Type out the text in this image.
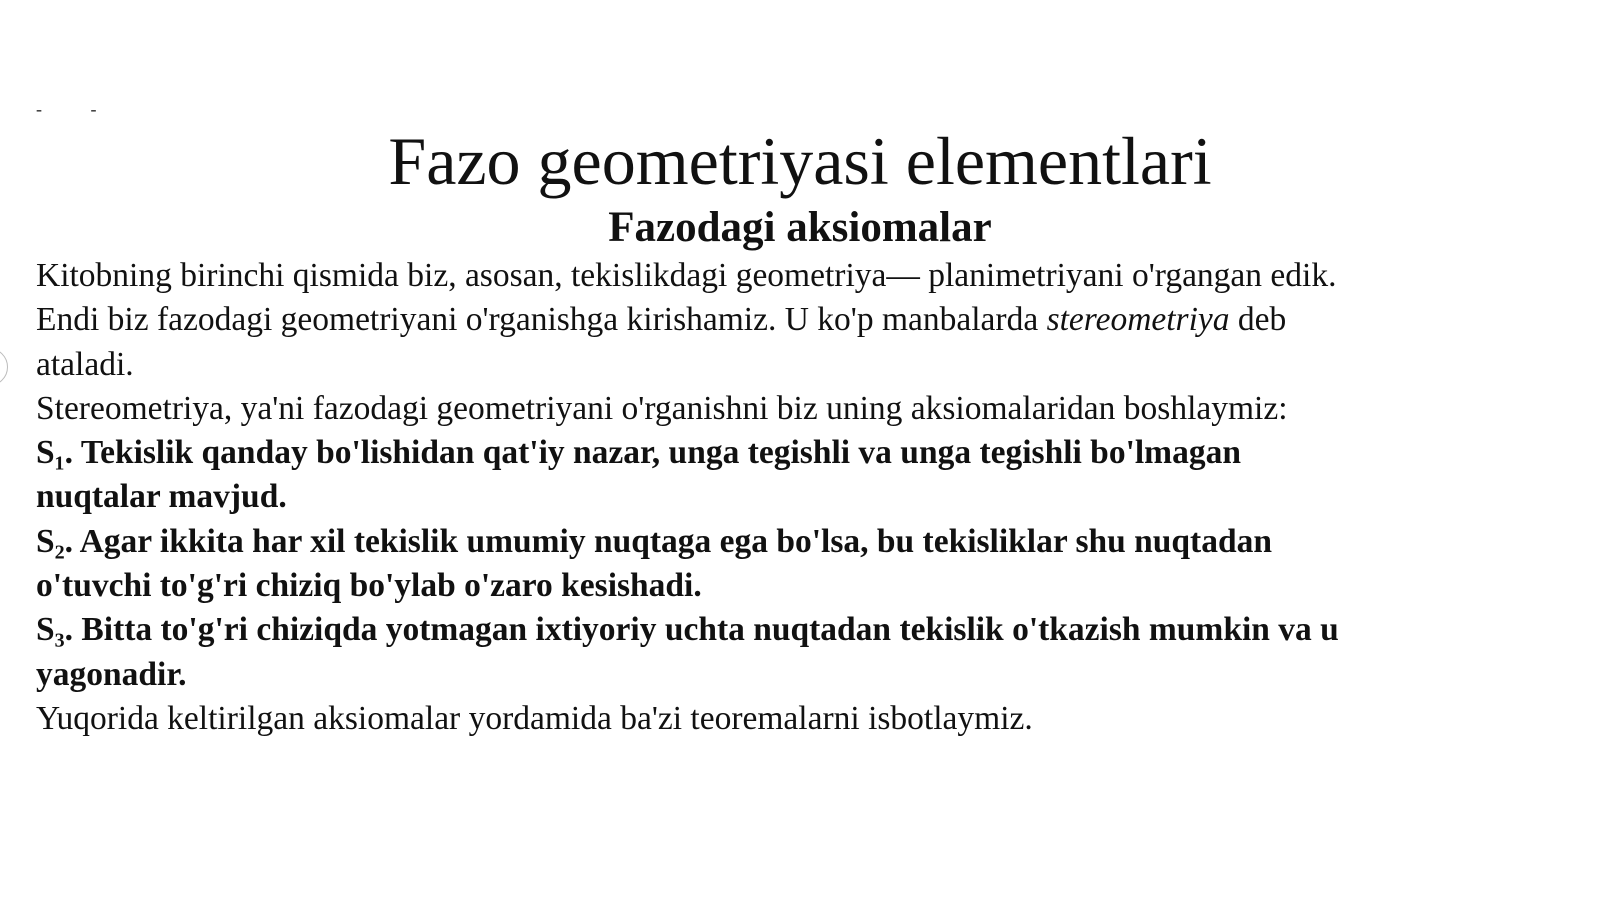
- -
Fazo geometriyasi elementlari
Fazodagi aksiomalar
Kitobning birinchi qismida biz, asosan, tekislikdagi geometriya— planimetriyani o'rgangan edik.
Endi biz fazodagi geometriyani o'rganishga kirishamiz. U ko'p manbalarda stereometriya deb
ataladi.
Stereometriya, ya'ni fazodagi geometriyani o'rganishni biz uning aksiomalaridan boshlaymiz:
S₁. Tekislik qanday bo'lishidan qat'iy nazar, unga tegishli va unga tegishli bo'lmagan
nuqtalar mavjud.
S₂. Agar ikkita har xil tekislik umumiy nuqtaga ega bo'lsa, bu tekisliklar shu nuqtadan
o'tuvchi to'g'ri chiziq bo'ylab o'zaro kesishadi.
S₃. Bitta to'g'ri chiziqda yotmagan ixtiyoriy uchta nuqtadan tekislik o'tkazish mumkin va u
yagonadir.
Yuqorida keltirilgan aksiomalar yordamida ba'zi teoremalarni isbotlaymiz.
